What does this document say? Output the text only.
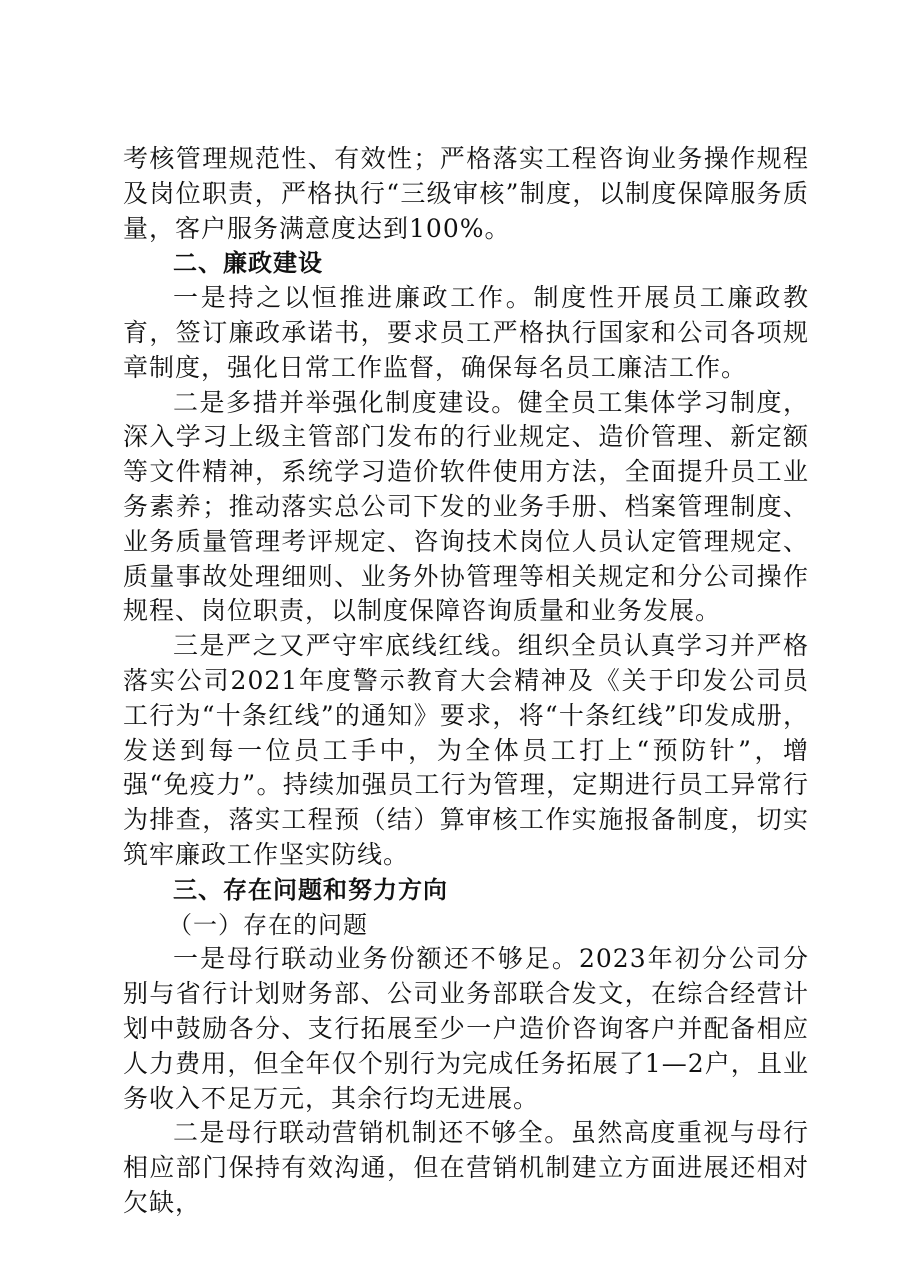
考核管理规范性、有效性；严格落实工程咨询业务操作规程及岗位职责，严格执行“三级审核”制度，以制度保障服务质量，客户服务满意度达到100%。

二、廉政建设

一是持之以恒推进廉政工作。制度性开展员工廉政教育，签订廉政承诺书，要求员工严格执行国家和公司各项规章制度，强化日常工作监督，确保每名员工廉洁工作。

二是多措并举强化制度建设。健全员工集体学习制度，深入学习上级主管部门发布的行业规定、造价管理、新定额等文件精神，系统学习造价软件使用方法，全面提升员工业务素养；推动落实总公司下发的业务手册、档案管理制度、业务质量管理考评规定、咨询技术岗位人员认定管理规定、质量事故处理细则、业务外协管理等相关规定和分公司操作规程、岗位职责，以制度保障咨询质量和业务发展。

三是严之又严守牢底线红线。组织全员认真学习并严格落实公司2021年度警示教育大会精神及《关于印发公司员工行为“十条红线”的通知》要求，将“十条红线”印发成册，发送到每一位员工手中，为全体员工打上“预防针”，增强“免疫力”。持续加强员工行为管理，定期进行员工异常行为排查，落实工程预（结）算审核工作实施报备制度，切实筑牢廉政工作坚实防线。

三、存在问题和努力方向

（一）存在的问题

一是母行联动业务份额还不够足。2023年初分公司分别与省行计划财务部、公司业务部联合发文，在综合经营计划中鼓励各分、支行拓展至少一户造价咨询客户并配备相应人力费用，但全年仅个别行为完成任务拓展了1—2户，且业务收入不足万元，其余行均无进展。

二是母行联动营销机制还不够全。虽然高度重视与母行相应部门保持有效沟通，但在营销机制建立方面进展还相对欠缺，
